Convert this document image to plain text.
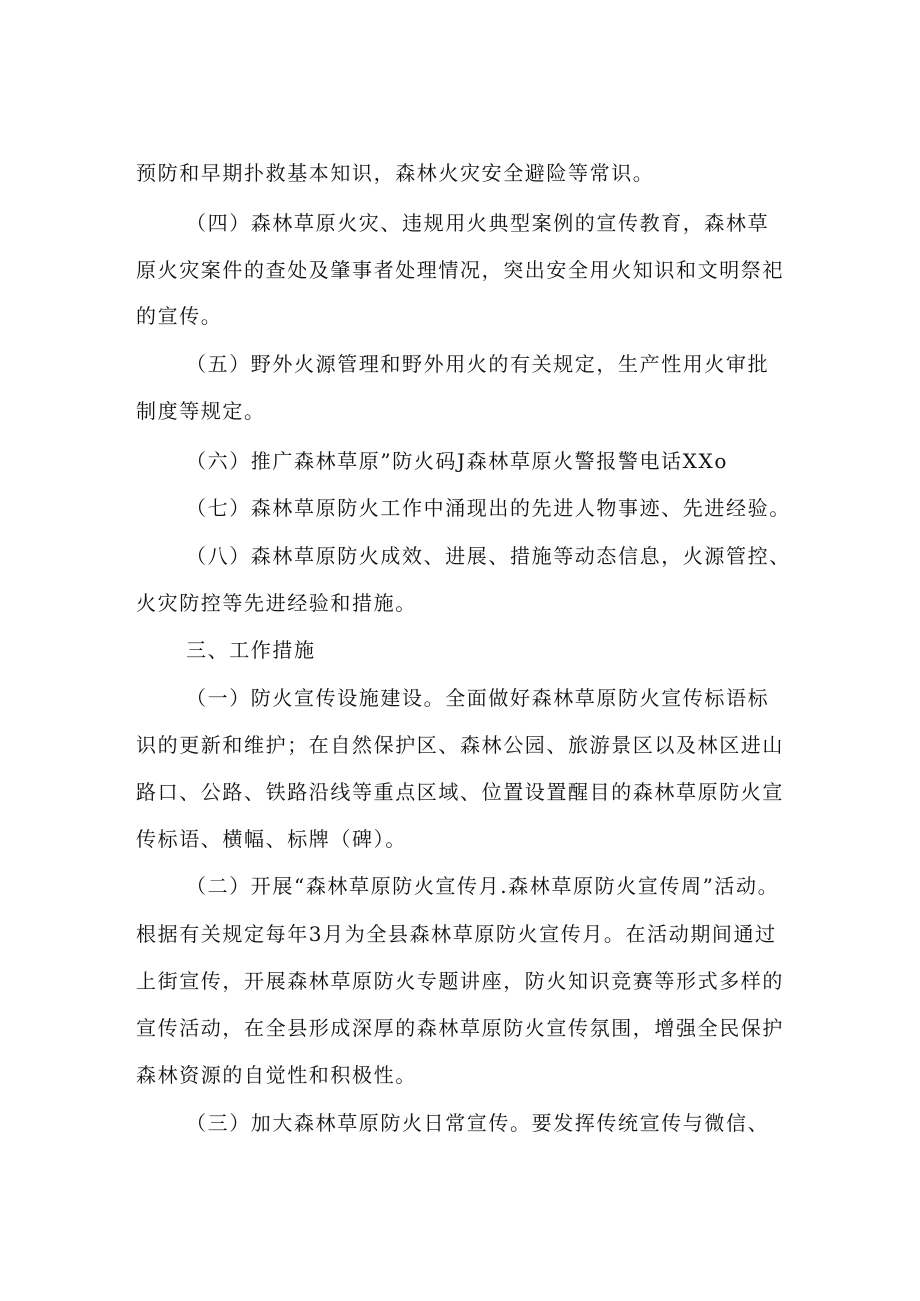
预防和早期扑救基本知识，森林火灾安全避险等常识。
（四）森林草原火灾、违规用火典型案例的宣传教育，森林草
原火灾案件的查处及肇事者处理情况，突出安全用火知识和文明祭祀
的宣传。
（五）野外火源管理和野外用火的有关规定，生产性用火审批
制度等规定。
（六）推广森林草原”防火码J森林草原火警报警电话XXo
（七）森林草原防火工作中涌现出的先进人物事迹、先进经验。
（八）森林草原防火成效、进展、措施等动态信息，火源管控、
火灾防控等先进经验和措施。
三、工作措施
（一）防火宣传设施建设。全面做好森林草原防火宣传标语标
识的更新和维护；在自然保护区、森林公园、旅游景区以及林区进山
路口、公路、铁路沿线等重点区域、位置设置醒目的森林草原防火宣
传标语、横幅、标牌（碑）。
（二）开展“森林草原防火宣传月.森林草原防火宣传周”活动。
根据有关规定每年3月为全县森林草原防火宣传月。在活动期间通过
上街宣传，开展森林草原防火专题讲座，防火知识竞赛等形式多样的
宣传活动，在全县形成深厚的森林草原防火宣传氛围，增强全民保护
森林资源的自觉性和积极性。
（三）加大森林草原防火日常宣传。要发挥传统宣传与微信、
